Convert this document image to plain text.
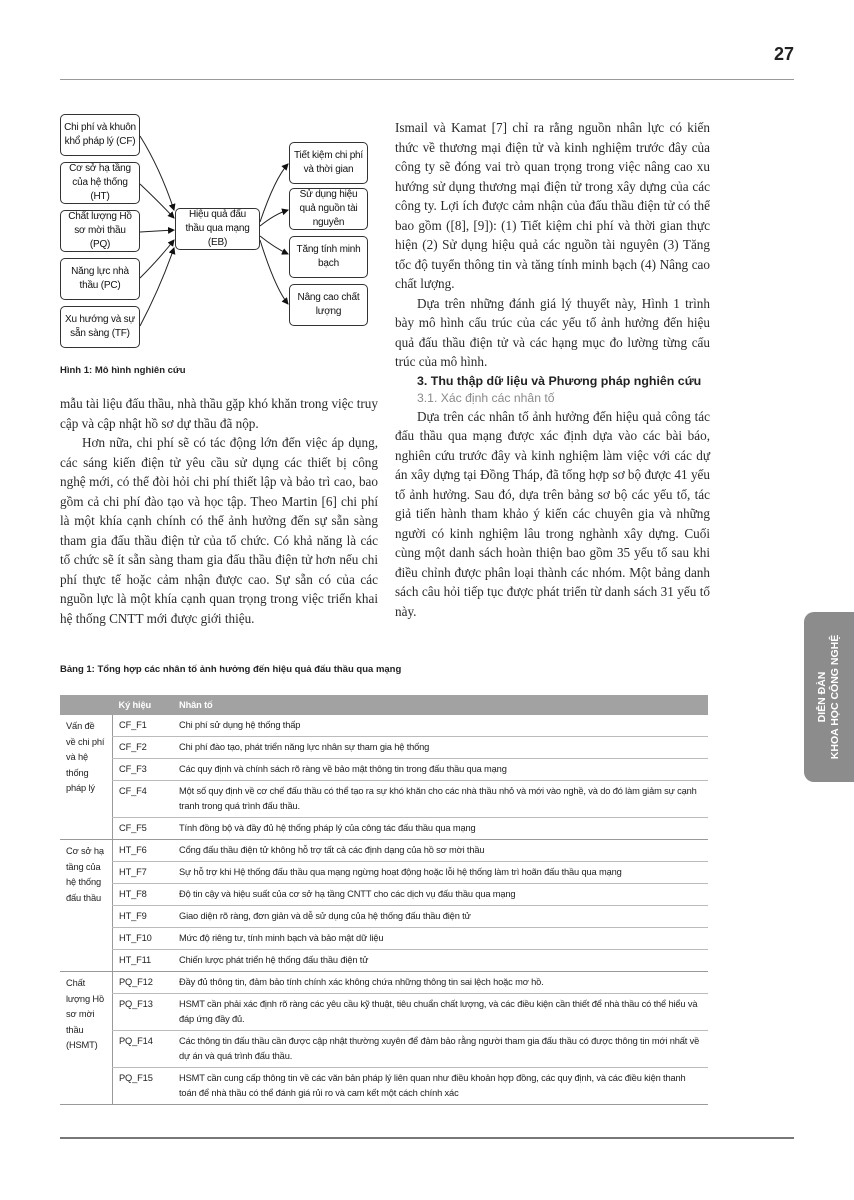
27
Chi phí và khuôn khổ pháp lý (CF)
Cơ sở hạ tầng của hệ thống (HT)
Chất lượng Hồ sơ mời thầu (PQ)
Năng lực nhà thầu (PC)
Xu hướng và sự sẵn sàng (TF)
Hiệu quả đấu thầu qua mạng (EB)
Tiết kiệm chi phí và thời gian
Sử dụng hiệu quả nguồn tài nguyên
Tăng tính minh bạch
Nâng cao chất lượng
Hình 1: Mô hình nghiên cứu

mẫu tài liệu đấu thầu, nhà thầu gặp khó khăn trong việc truy cập và cập nhật hồ sơ dự thầu đã nộp.

Hơn nữa, chi phí sẽ có tác động lớn đến việc áp dụng, các sáng kiến điện tử yêu cầu sử dụng các thiết bị công nghệ mới, có thể đòi hỏi chi phí thiết lập và bảo trì cao, bao gồm cả chi phí đào tạo và học tập. Theo Martin [6] chi phí là một khía cạnh chính có thể ảnh hưởng đến sự sẵn sàng tham gia đấu thầu điện tử của tổ chức. Có khả năng là các tổ chức sẽ ít sẵn sàng tham gia đấu thầu điện tử hơn nếu chi phí thực tế hoặc cảm nhận được cao. Sự sẵn có của các nguồn lực là một khía cạnh quan trọng trong việc triển khai hệ thống CNTT mới được giới thiệu.

Ismail và Kamat [7] chỉ ra rằng nguồn nhân lực có kiến thức về thương mại điện tử và kinh nghiệm trước đây của công ty sẽ đóng vai trò quan trọng trong việc nâng cao xu hướng sử dụng thương mại điện tử trong xây dựng của các công ty. Lợi ích được cảm nhận của đấu thầu điện tử có thể bao gồm ([8], [9]): (1) Tiết kiệm chi phí và thời gian thực hiện (2) Sử dụng hiệu quả các nguồn tài nguyên (3) Tăng tốc độ tuyển thông tin và tăng tính minh bạch (4) Nâng cao chất lượng.

Dựa trên những đánh giá lý thuyết này, Hình 1 trình bày mô hình cấu trúc của các yếu tố ảnh hưởng đến hiệu quả đấu thầu điện tử và các hạng mục đo lường từng cấu trúc của mô hình.

3. Thu thập dữ liệu và Phương pháp nghiên cứu
3.1. Xác định các nhân tố

Dựa trên các nhân tố ảnh hưởng đến hiệu quả công tác đấu thầu qua mạng được xác định dựa vào các bài báo, nghiên cứu trước đây và kinh nghiệm làm việc với các dự án xây dựng tại Đồng Tháp, đã tổng hợp sơ bộ được 41 yếu tố ảnh hưởng. Sau đó, dựa trên bảng sơ bộ các yếu tố, tác giả tiến hành tham khảo ý kiến các chuyên gia và những người có kinh nghiệm lâu trong nghành xây dựng. Cuối cùng một danh sách hoàn thiện bao gồm 35 yếu tố sau khi điều chỉnh được phân loại thành các nhóm. Một bảng danh sách câu hỏi tiếp tục được phát triển từ danh sách 31 yếu tố này.

DIỄN ĐÀN KHOA HỌC CÔNG NGHỆ
Bảng 1: Tổng hợp các nhân tố ảnh hưởng đến hiệu quả đấu thầu qua mạng
	Ký hiệu	Nhân tố
Vấn đề về chi phí và hệ thống pháp lý	CF_F1	Chi phí sử dụng hệ thống thấp
	CF_F2	Chi phí đào tạo, phát triển năng lực nhân sự tham gia hệ thống
	CF_F3	Các quy định và chính sách rõ ràng về bảo mật thông tin trong đấu thầu qua mạng
	CF_F4	Một số quy định về cơ chế đấu thầu có thể tạo ra sự khó khăn cho các nhà thầu nhỏ và mới vào nghề, và do đó làm giảm sự cạnh tranh trong quá trình đấu thầu.
	CF_F5	Tính đồng bộ và đầy đủ hệ thống pháp lý của công tác đấu thầu qua mạng
Cơ sở hạ tầng của hệ thống đấu thầu	HT_F6	Cổng đấu thầu điện tử không hỗ trợ tất cả các định dạng của hồ sơ mời thầu
	HT_F7	Sự hỗ trợ khi Hệ thống đấu thầu qua mạng ngừng hoạt động hoặc lỗi hệ thống làm trì hoãn đấu thầu qua mạng
	HT_F8	Độ tin cậy và hiệu suất của cơ sở hạ tầng CNTT cho các dịch vụ đấu thầu qua mạng
	HT_F9	Giao diện rõ ràng, đơn giản và dễ sử dụng của hệ thống đấu thầu điện tử
	HT_F10	Mức độ riêng tư, tính minh bạch và bảo mật dữ liệu
	HT_F11	Chiến lược phát triển hệ thống đấu thầu điện tử
Chất lượng Hồ sơ mời thầu (HSMT)	PQ_F12	Đầy đủ thông tin, đảm bảo tính chính xác không chứa những thông tin sai lệch hoặc mơ hồ.
	PQ_F13	HSMT cần phải xác định rõ ràng các yêu cầu kỹ thuật, tiêu chuẩn chất lượng, và các điều kiện cần thiết để nhà thầu có thể hiểu và đáp ứng đầy đủ.
	PQ_F14	Các thông tin đấu thầu cần được cập nhật thường xuyên để đảm bảo rằng người tham gia đấu thầu có được thông tin mới nhất về dự án và quá trình đấu thầu.
	PQ_F15	HSMT cần cung cấp thông tin về các văn bản pháp lý liên quan như điều khoản hợp đồng, các quy định, và các điều kiện thanh toán để nhà thầu có thể đánh giá rủi ro và cam kết một cách chính xác
